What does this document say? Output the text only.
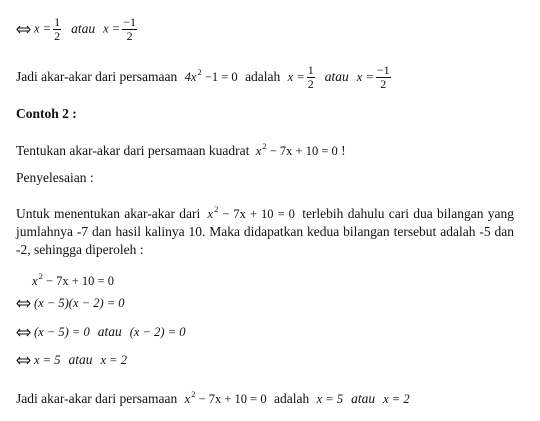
$x = \frac{1}{2}$ atau $x = \frac{-1}{2}$
Jadi akar-akar dari persamaan $4x^2 -1 = 0$ adalah $x = \frac{1}{2}$ atau $x = \frac{-1}{2}$
Contoh 2 :
Tentukan akar-akar dari persamaan kuadrat $x^2 - 7x + 10 = 0$ !
Penyelesaian :
Untuk menentukan akar-akar dari $x^2 - 7x + 10 = 0$ terlebih dahulu cari dua bilangan yang jumlahnya -7 dan hasil kalinya 10. Maka didapatkan kedua bilangan tersebut adalah -5 dan -2, sehingga diperoleh :
$x^2 - 7x + 10 = 0$
(x − 5)(x − 2) = 0
(x − 5) = 0 atau (x − 2) = 0
x = 5 atau x = 2
Jadi akar-akar dari persamaan $x^2 - 7x + 10 = 0$ adalah x = 5 atau x = 2
